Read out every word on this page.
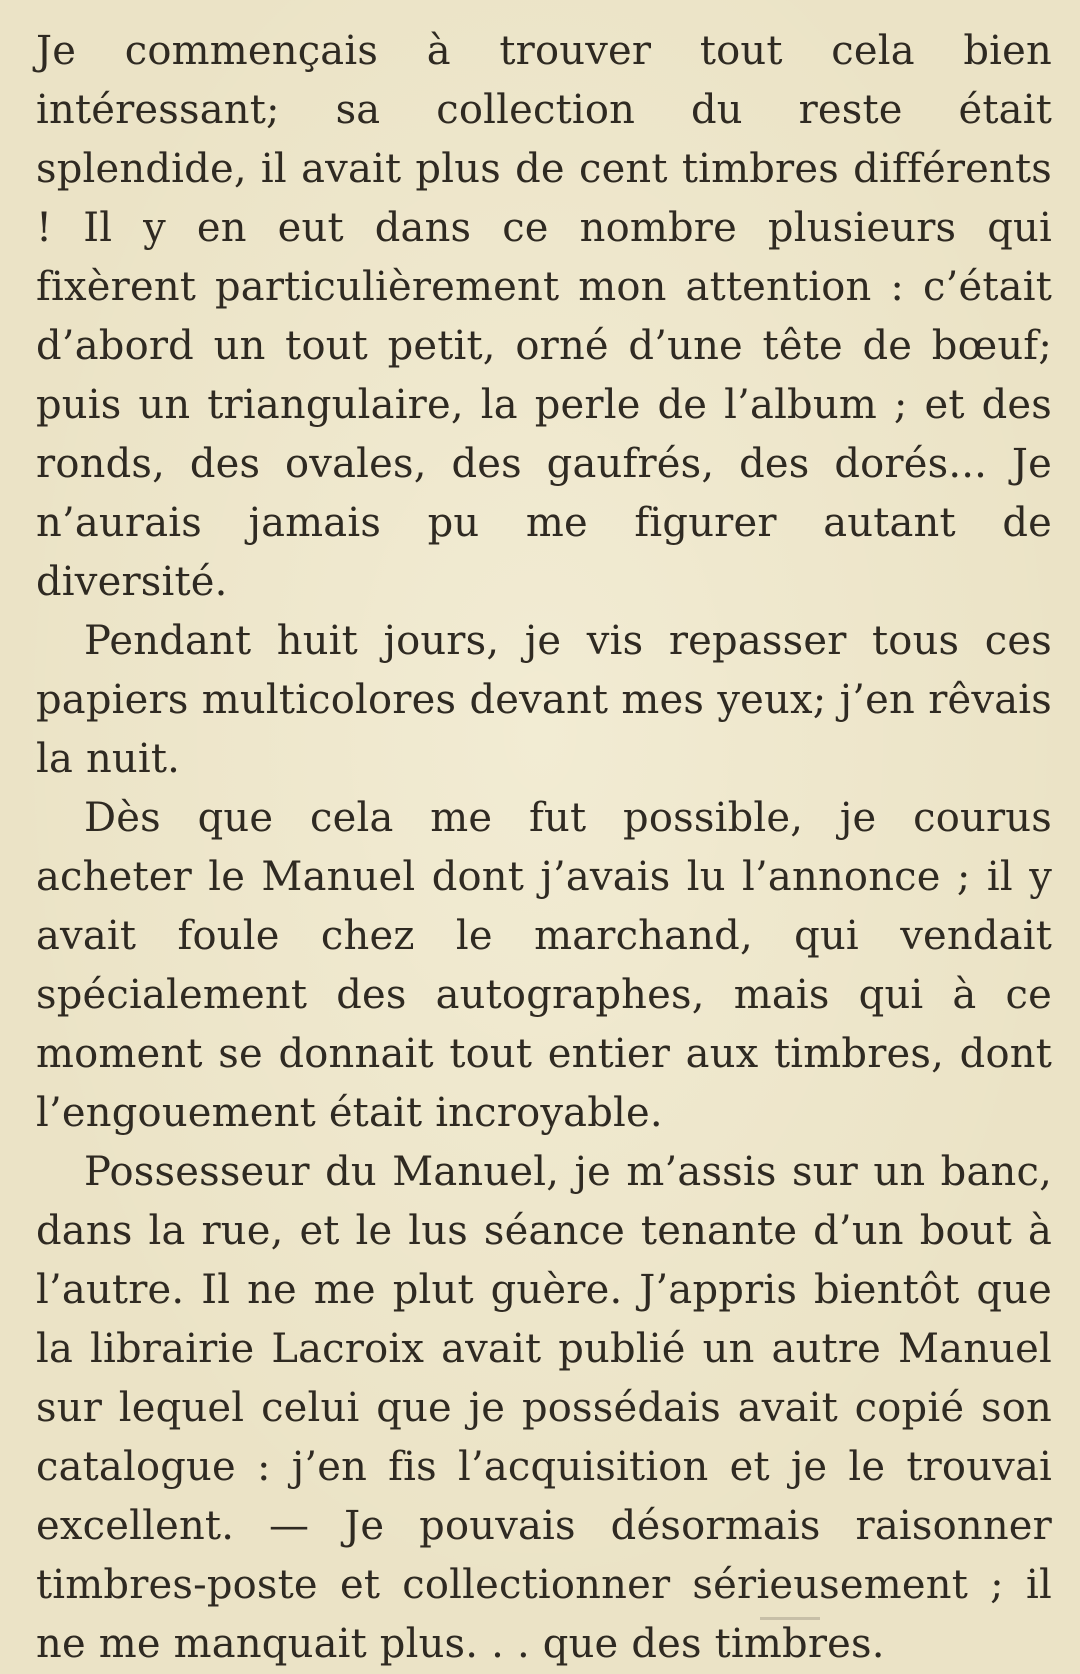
Je commençais à trouver tout cela bien intéressant; sa collection du reste était splendide, il avait plus de cent timbres différents ! Il y en eut dans ce nombre plusieurs qui fixèrent particulièrement mon attention : c’était d’abord un tout petit, orné d’une tête de bœuf; puis un triangulaire, la perle de l’album ; et des ronds, des ovales, des gaufrés, des dorés... Je n’aurais jamais pu me figurer autant de diversité.

Pendant huit jours, je vis repasser tous ces papiers multicolores devant mes yeux; j’en rêvais la nuit.

Dès que cela me fut possible, je courus acheter le Manuel dont j’avais lu l’annonce ; il y avait foule chez le marchand, qui vendait spécialement des autographes, mais qui à ce moment se donnait tout entier aux timbres, dont l’engouement était incroyable.

Possesseur du Manuel, je m’assis sur un banc, dans la rue, et le lus séance tenante d’un bout à l’autre. Il ne me plut guère. J’appris bientôt que la librairie Lacroix avait publié un autre Manuel sur lequel celui que je possédais avait copié son catalogue : j’en fis l’acquisition et je le trouvai excellent. — Je pouvais désormais raisonner timbres-poste et collectionner sérieusement ; il ne me manquait plus. . . que des timbres.
